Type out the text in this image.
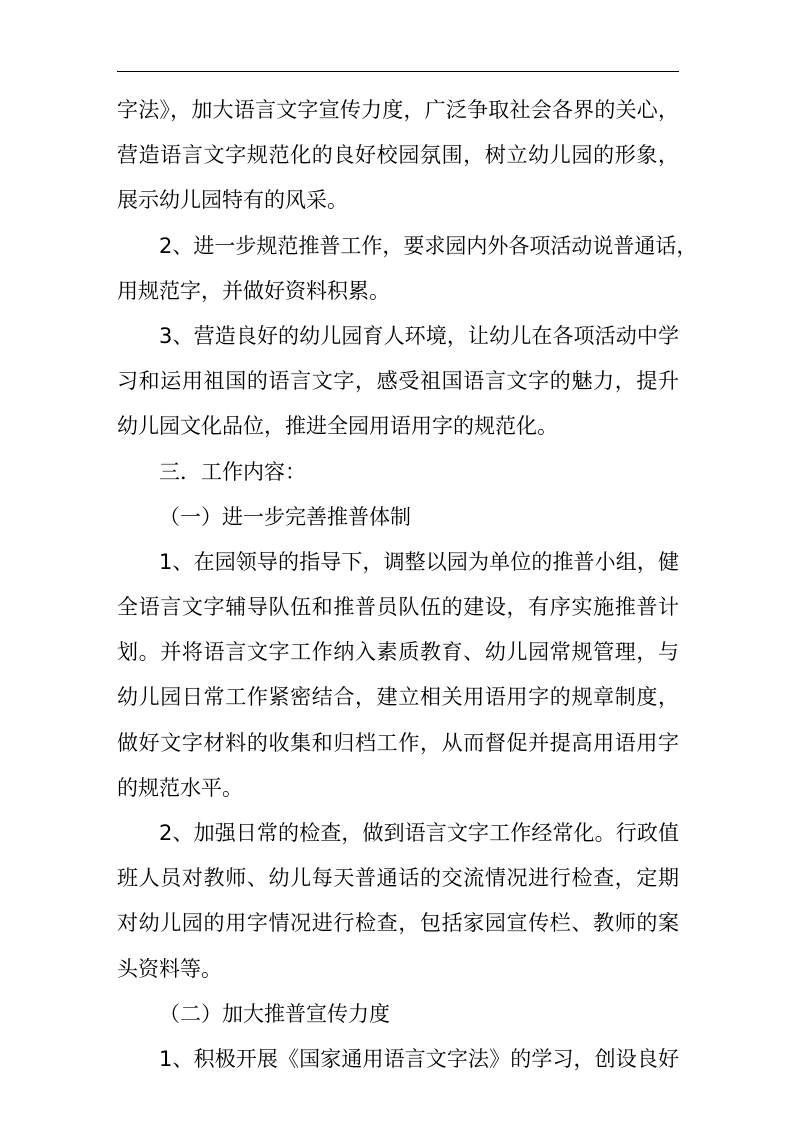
字法》，加大语言文字宣传力度，广泛争取社会各界的关心，
营造语言文字规范化的良好校园氛围，树立幼儿园的形象，
展示幼儿园特有的风采。
2、进一步规范推普工作，要求园内外各项活动说普通话，
用规范字，并做好资料积累。
3、营造良好的幼儿园育人环境，让幼儿在各项活动中学
习和运用祖国的语言文字，感受祖国语言文字的魅力，提升
幼儿园文化品位，推进全园用语用字的规范化。
三．工作内容：
（一）进一步完善推普体制
1、在园领导的指导下，调整以园为单位的推普小组，健
全语言文字辅导队伍和推普员队伍的建设，有序实施推普计
划。并将语言文字工作纳入素质教育、幼儿园常规管理，与
幼儿园日常工作紧密结合，建立相关用语用字的规章制度，
做好文字材料的收集和归档工作，从而督促并提高用语用字
的规范水平。
2、加强日常的检查，做到语言文字工作经常化。行政值
班人员对教师、幼儿每天普通话的交流情况进行检查，定期
对幼儿园的用字情况进行检查，包括家园宣传栏、教师的案
头资料等。
（二）加大推普宣传力度
1、积极开展《国家通用语言文字法》的学习，创设良好
